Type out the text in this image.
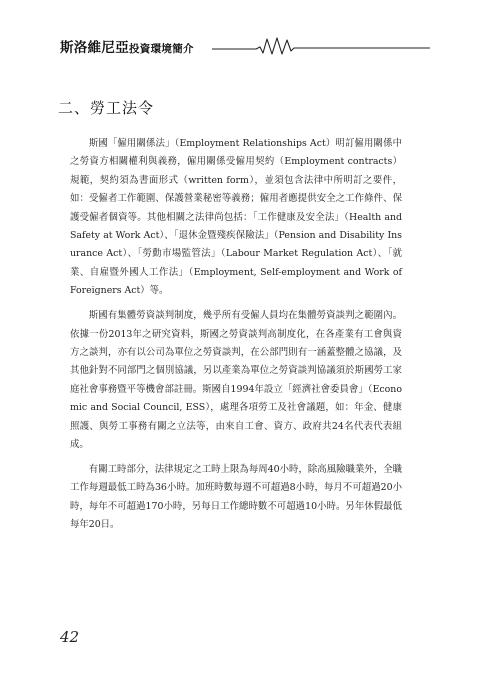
斯洛維尼亞投資環境簡介
二、勞工法令

斯國「僱用關係法」（Employment Relationships Act）明訂僱用關係中之勞資方相關權利與義務，僱用關係受僱用契約（Employment contracts）規範，契約須為書面形式（written form），並須包含法律中所明訂之要件，如：受僱者工作範圍、保護營業秘密等義務；僱用者應提供安全之工作條件、保護受僱者個資等。其他相關之法律尚包括：「工作健康及安全法」（Health and Safety at Work Act）、「退休金暨殘疾保險法」（Pension and Disability Insurance Act）、「勞動市場監管法」（Labour Market Regulation Act）、「就業、自雇暨外國人工作法」（Employment, Self-employment and Work of Foreigners Act）等。

斯國有集體勞資談判制度，幾乎所有受僱人員均在集體勞資談判之範圍內。依據一份2013年之研究資料，斯國之勞資談判高制度化，在各產業有工會與資方之談判，亦有以公司為單位之勞資談判，在公部門則有一涵蓋整體之協議，及其他針對不同部門之個別協議，另以產業為單位之勞資談判協議須於斯國勞工家庭社會事務暨平等機會部註冊。斯國自1994年設立「經濟社會委員會」（Economic and Social Council, ESS），處理各項勞工及社會議題，如：年金、健康照護、與勞工事務有關之立法等，由來自工會、資方、政府共24名代表代表組成。

有關工時部分，法律規定之工時上限為每周40小時，除高風險職業外，全職工作每週最低工時為36小時。加班時數每週不可超過8小時，每月不可超過20小時，每年不可超過170小時，另每日工作總時數不可超過10小時。另年休假最低每年20日。

42
